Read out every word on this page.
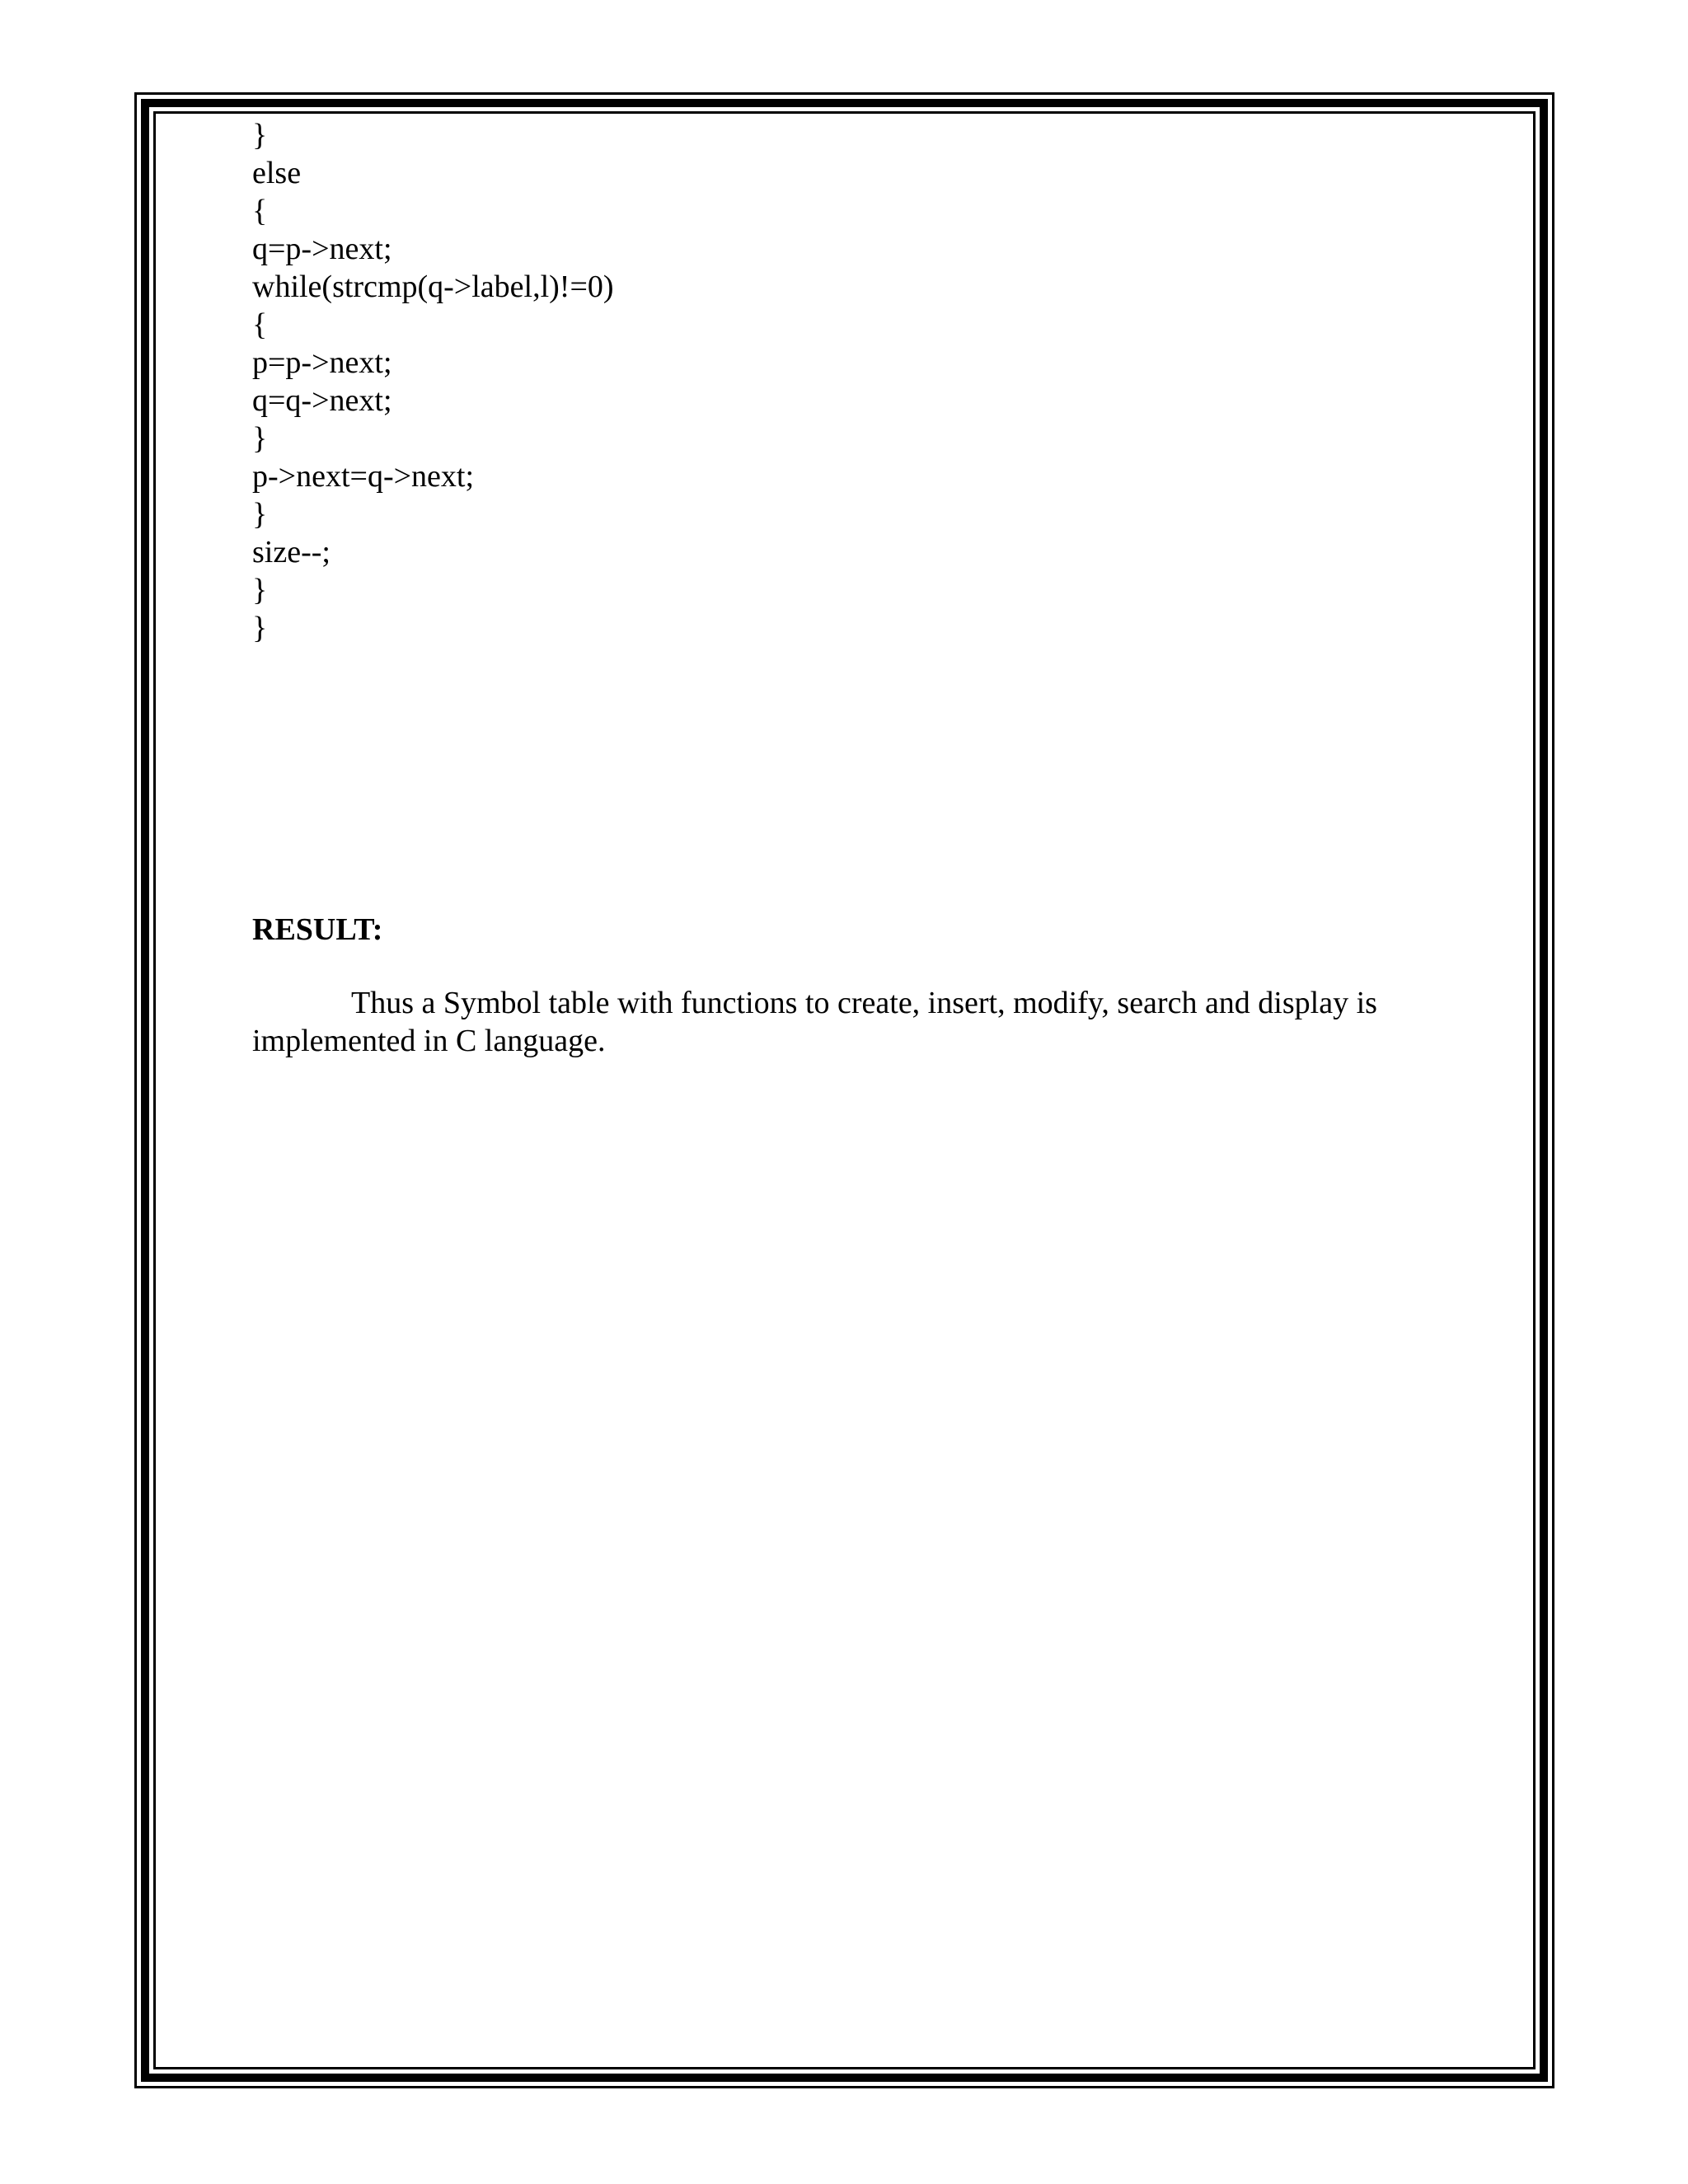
}
else
{
q=p->next;
while(strcmp(q->label,l)!=0)
{
p=p->next;
q=q->next;
}
p->next=q->next;
}
size--;
}
}
RESULT:

Thus a Symbol table with functions to create, insert, modify, search and display is
implemented in C language.
